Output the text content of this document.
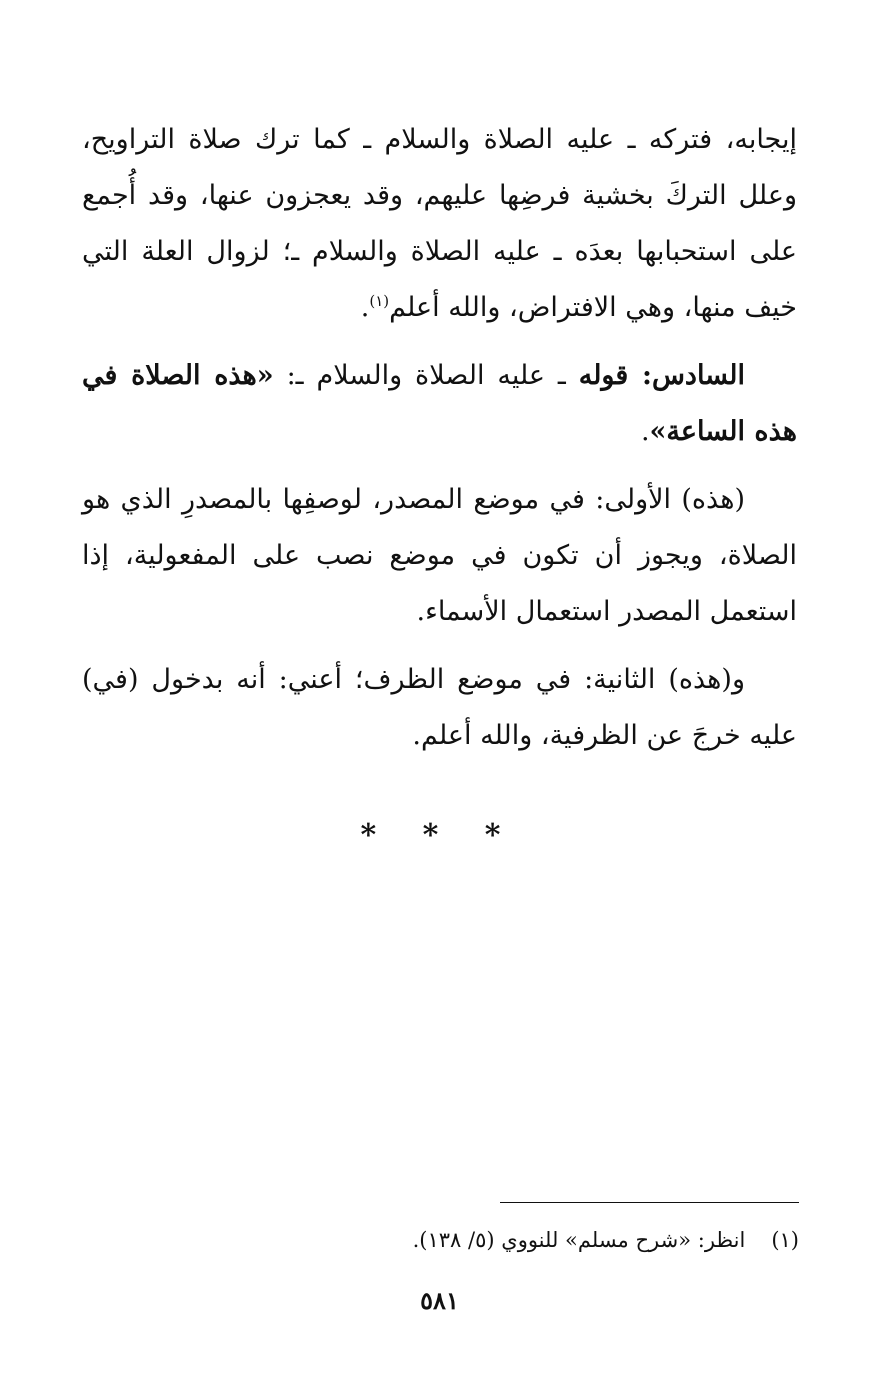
إيجابه، فتركه ـ عليه الصلاة والسلام ـ كما ترك صلاة التراويح، وعلل التركَ بخشية فرضِها عليهم، وقد يعجزون عنها، وقد أُجمع على استحبابها بعدَه ـ عليه الصلاة والسلام ـ؛ لزوال العلة التي خيف منها، وهي الافتراض، والله أعلم$^{(١)}$.

السادس: قوله ـ عليه الصلاة والسلام ـ: «هذه الصلاة في هذه الساعة».

(هذه) الأولى: في موضع المصدر، لوصفِها بالمصدرِ الذي هو الصلاة، ويجوز أن تكون في موضع نصب على المفعولية، إذا استعمل المصدر استعمال الأسماء.

و(هذه) الثانية: في موضع الظرف؛ أعني: أنه بدخول (في) عليه خرجَ عن الظرفية، والله أعلم.

* * *
(١)انظر: «شرح مسلم» للنووي (٥/ ١٣٨).
٥٨١
